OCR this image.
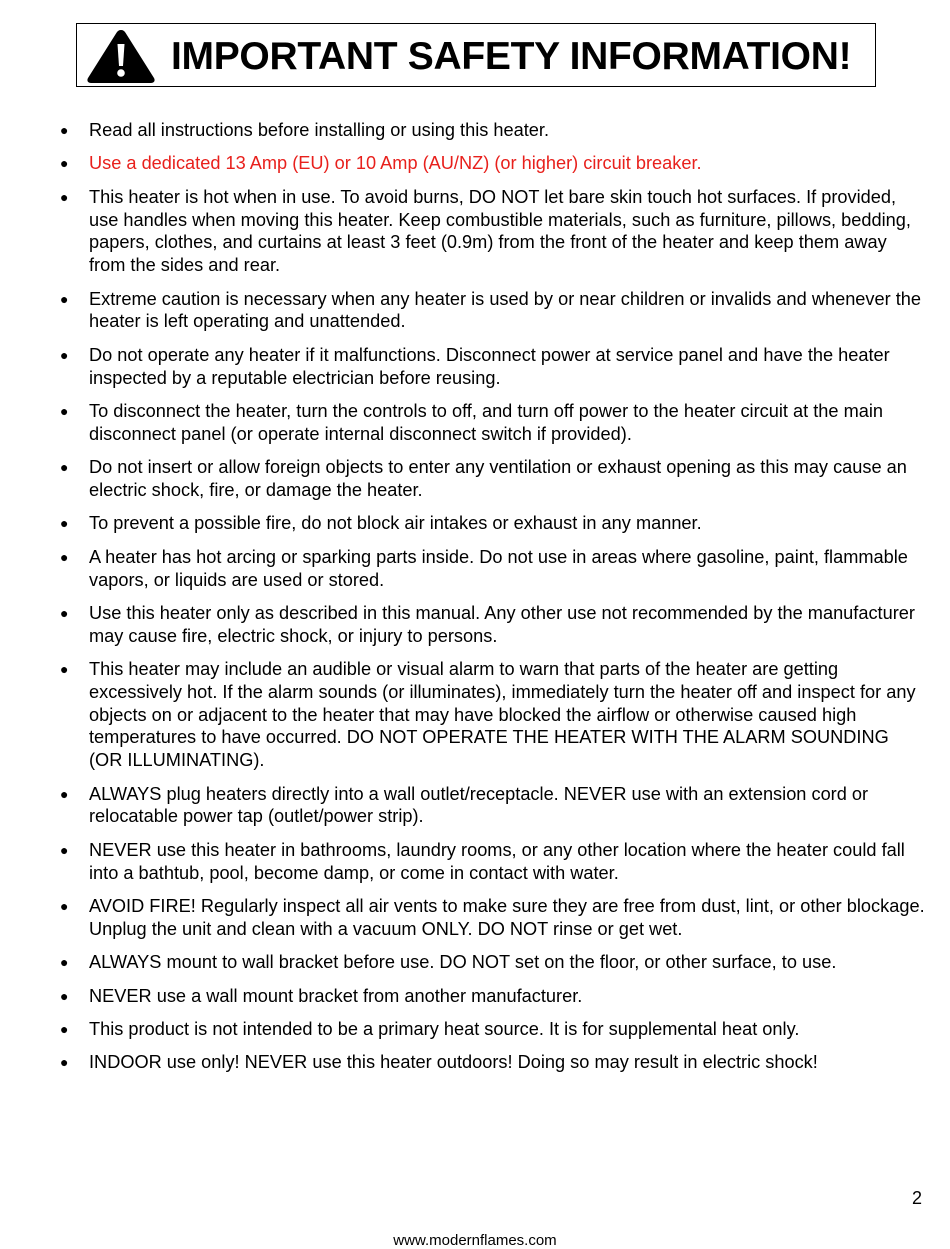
IMPORTANT SAFETY INFORMATION!
● Read all instructions before installing or using this heater.
● Use a dedicated 13 Amp (EU) or 10 Amp (AU/NZ) (or higher) circuit breaker.
● This heater is hot when in use. To avoid burns, DO NOT let bare skin touch hot surfaces. If provided, use handles when moving this heater. Keep combustible materials, such as furniture, pillows, bedding, papers, clothes, and curtains at least 3 feet (0.9m) from the front of the heater and keep them away from the sides and rear.
● Extreme caution is necessary when any heater is used by or near children or invalids and whenever the heater is left operating and unattended.
● Do not operate any heater if it malfunctions. Disconnect power at service panel and have the heater inspected by a reputable electrician before reusing.
● To disconnect the heater, turn the controls to off, and turn off power to the heater circuit at the main disconnect panel (or operate internal disconnect switch if provided).
● Do not insert or allow foreign objects to enter any ventilation or exhaust opening as this may cause an electric shock, fire, or damage the heater.
● To prevent a possible fire, do not block air intakes or exhaust in any manner.
● A heater has hot arcing or sparking parts inside. Do not use in areas where gasoline, paint, flammable vapors, or liquids are used or stored.
● Use this heater only as described in this manual. Any other use not recommended by the manufacturer may cause fire, electric shock, or injury to persons.
● This heater may include an audible or visual alarm to warn that parts of the heater are getting excessively hot. If the alarm sounds (or illuminates), immediately turn the heater off and inspect for any objects on or adjacent to the heater that may have blocked the airflow or otherwise caused high temperatures to have occurred. DO NOT OPERATE THE HEATER WITH THE ALARM SOUNDING (OR ILLUMINATING).
● ALWAYS plug heaters directly into a wall outlet/receptacle. NEVER use with an extension cord or relocatable power tap (outlet/power strip).
● NEVER use this heater in bathrooms, laundry rooms, or any other location where the heater could fall into a bathtub, pool, become damp, or come in contact with water.
● AVOID FIRE! Regularly inspect all air vents to make sure they are free from dust, lint, or other blockage. Unplug the unit and clean with a vacuum ONLY. DO NOT rinse or get wet.
● ALWAYS mount to wall bracket before use. DO NOT set on the floor, or other surface, to use.
● NEVER use a wall mount bracket from another manufacturer.
● This product is not intended to be a primary heat source. It is for supplemental heat only.
● INDOOR use only! NEVER use this heater outdoors! Doing so may result in electric shock!
2
www.modernflames.com
